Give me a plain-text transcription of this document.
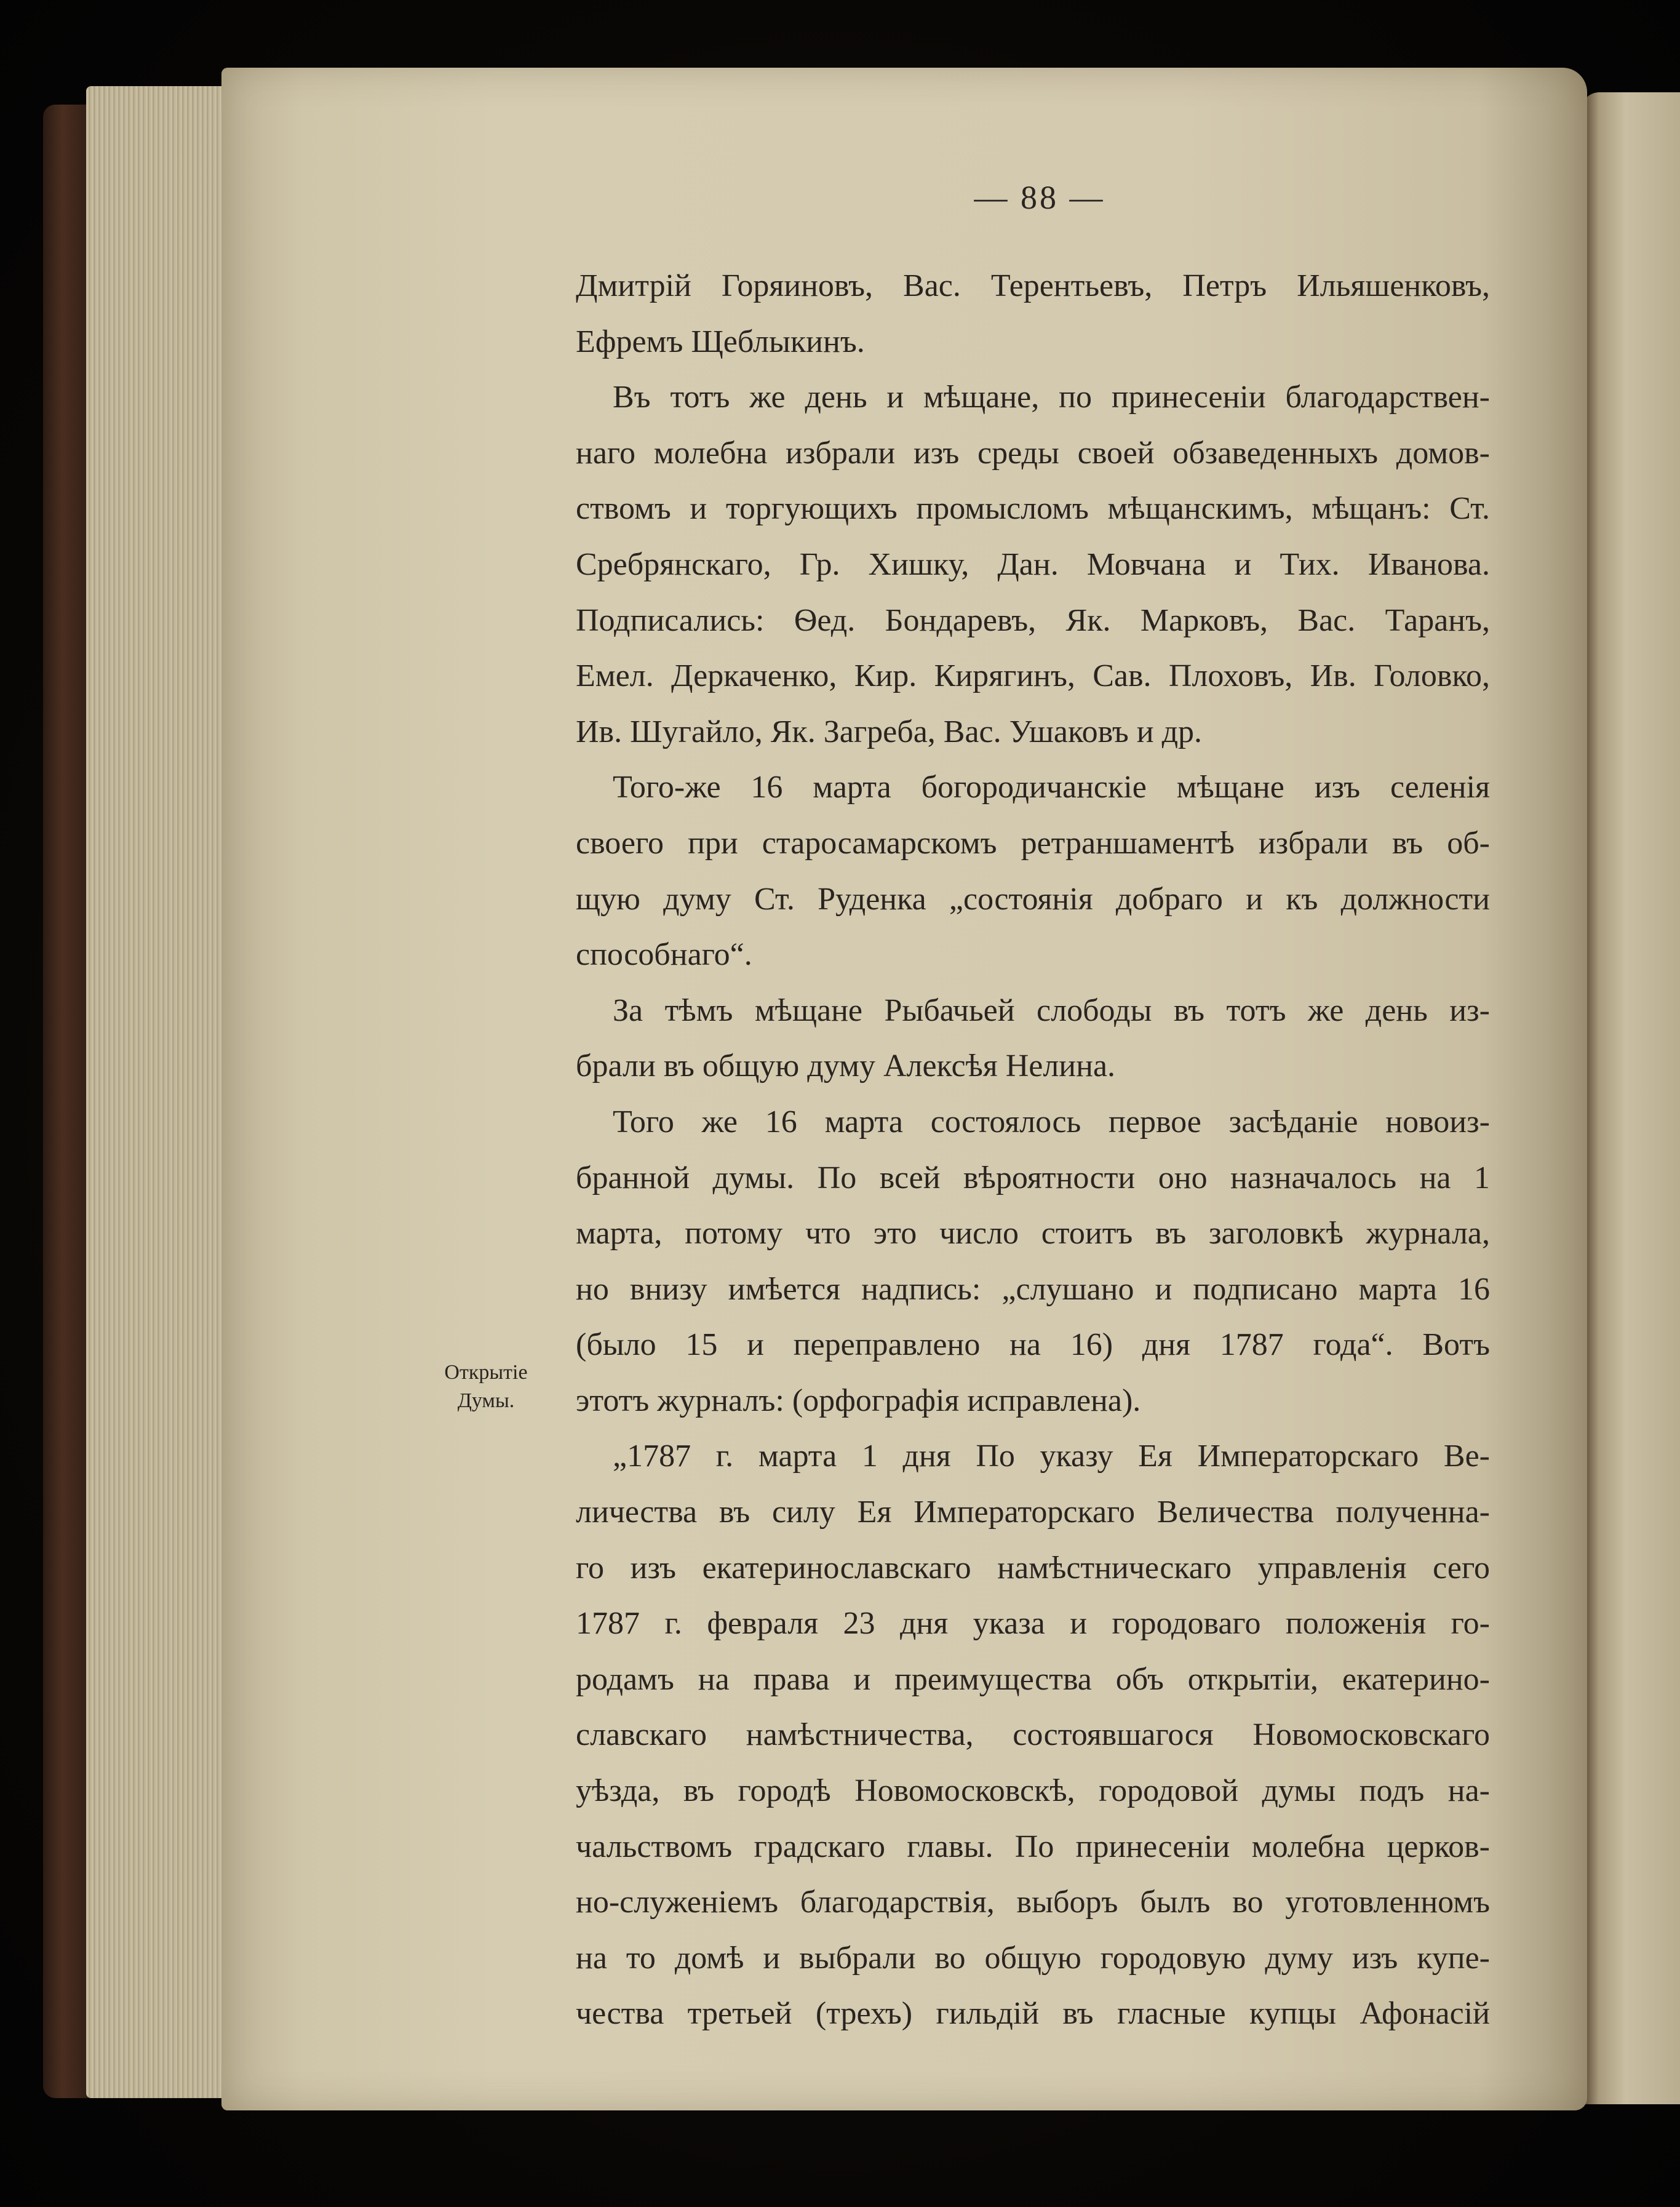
— 88 —
Открытіе
Думы.
Дмитрій Горяиновъ, Вас. Терентьевъ, Петръ Ильяшенковъ,
Ефремъ Щеблыкинъ.
Въ тотъ же день и мѣщане, по принесеніи благодарствен-
наго молебна избрали изъ среды своей обзаведенныхъ домов-
ствомъ и торгующихъ промысломъ мѣщанскимъ, мѣщанъ: Ст.
Сребрянскаго, Гр. Хишку, Дан. Мовчана и Тих. Иванова.
Подписались: Ѳед. Бондаревъ, Як. Марковъ, Вас. Таранъ,
Емел. Деркаченко, Кир. Кирягинъ, Сав. Плоховъ, Ив. Головко,
Ив. Шугайло, Як. Загреба, Вас. Ушаковъ и др.
Того-же 16 марта богородичанскіе мѣщане изъ селенія
своего при старосамарскомъ ретраншаментѣ избрали въ об-
щую думу Ст. Руденка „состоянія добраго и къ должности
способнаго“.
За тѣмъ мѣщане Рыбачьей слободы въ тотъ же день из-
брали въ общую думу Алексѣя Нелина.
Того же 16 марта состоялось первое засѣданіе новоиз-
бранной думы. По всей вѣроятности оно назначалось на 1
марта, потому что это число стоитъ въ заголовкѣ журнала,
но внизу имѣется надпись: „слушано и подписано марта 16
(было 15 и переправлено на 16) дня 1787 года“. Вотъ
этотъ журналъ: (орфографія исправлена).
„1787 г. марта 1 дня По указу Ея Императорскаго Ве-
личества въ силу Ея Императорскаго Величества полученна-
го изъ екатеринославскаго намѣстническаго управленія сего
1787 г. февраля 23 дня указа и городоваго положенія го-
родамъ на права и преимущества объ открытіи, екатерино-
славскаго намѣстничества, состоявшагося Новомосковскаго
уѣзда, въ городѣ Новомосковскѣ, городовой думы подъ на-
чальствомъ градскаго главы. По принесеніи молебна церков-
но-служеніемъ благодарствія, выборъ былъ во уготовленномъ
на то домѣ и выбрали во общую городовую думу изъ купе-
чества третьей (трехъ) гильдій въ гласные купцы Афонасій
